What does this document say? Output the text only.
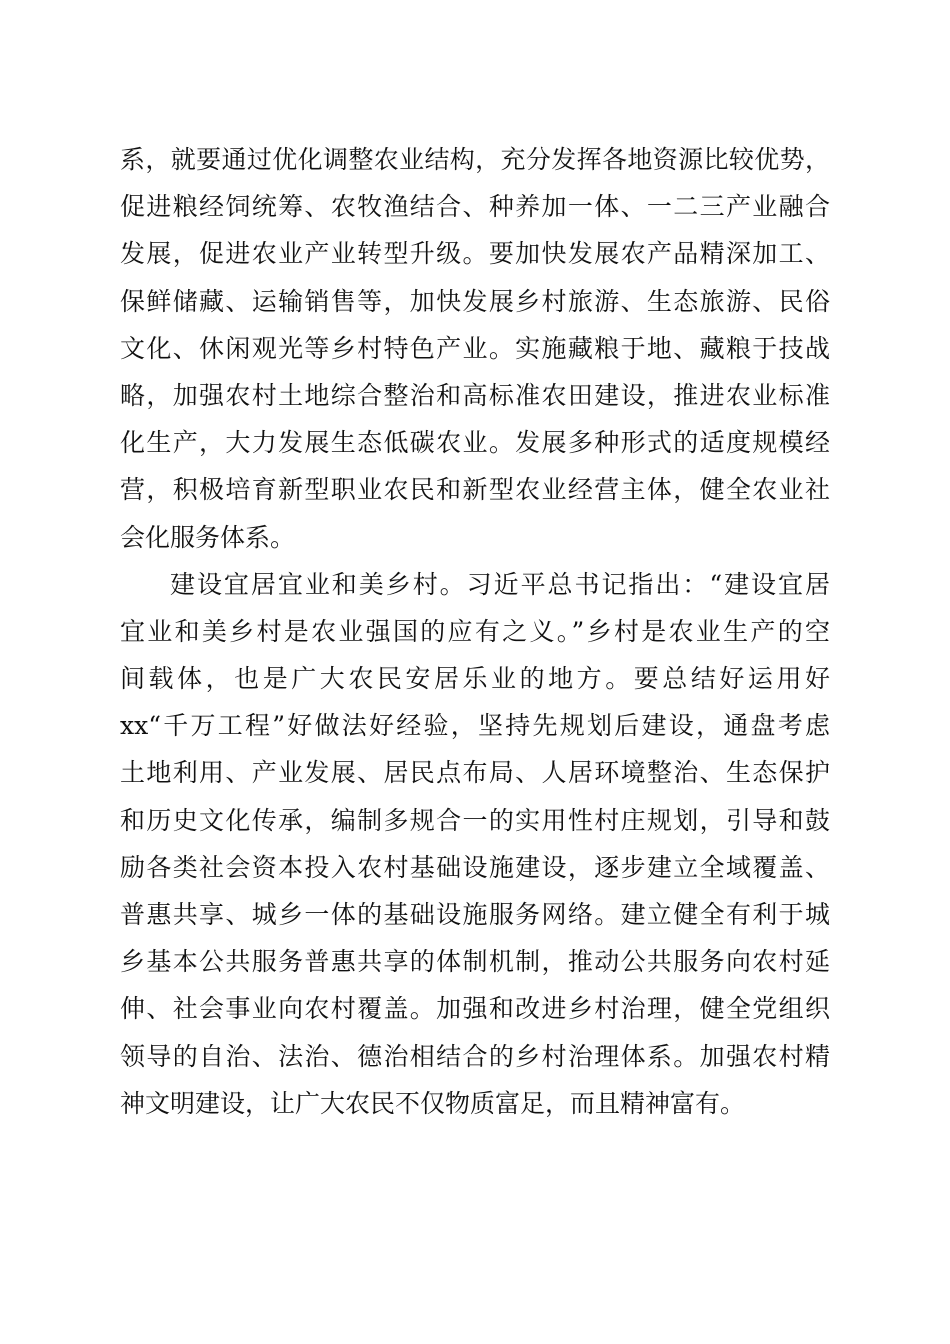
系，就要通过优化调整农业结构，充分发挥各地资源比较优势，
促进粮经饲统筹、农牧渔结合、种养加一体、一二三产业融合
发展，促进农业产业转型升级。要加快发展农产品精深加工、
保鲜储藏、运输销售等，加快发展乡村旅游、生态旅游、民俗
文化、休闲观光等乡村特色产业。实施藏粮于地、藏粮于技战
略，加强农村土地综合整治和高标准农田建设，推进农业标准
化生产，大力发展生态低碳农业。发展多种形式的适度规模经
营，积极培育新型职业农民和新型农业经营主体，健全农业社
会化服务体系。
建设宜居宜业和美乡村。习近平总书记指出：“建设宜居
宜业和美乡村是农业强国的应有之义。”乡村是农业生产的空
间载体，也是广大农民安居乐业的地方。要总结好运用好
xx“千万工程”好做法好经验，坚持先规划后建设，通盘考虑
土地利用、产业发展、居民点布局、人居环境整治、生态保护
和历史文化传承，编制多规合一的实用性村庄规划，引导和鼓
励各类社会资本投入农村基础设施建设，逐步建立全域覆盖、
普惠共享、城乡一体的基础设施服务网络。建立健全有利于城
乡基本公共服务普惠共享的体制机制，推动公共服务向农村延
伸、社会事业向农村覆盖。加强和改进乡村治理，健全党组织
领导的自治、法治、德治相结合的乡村治理体系。加强农村精
神文明建设，让广大农民不仅物质富足，而且精神富有。
